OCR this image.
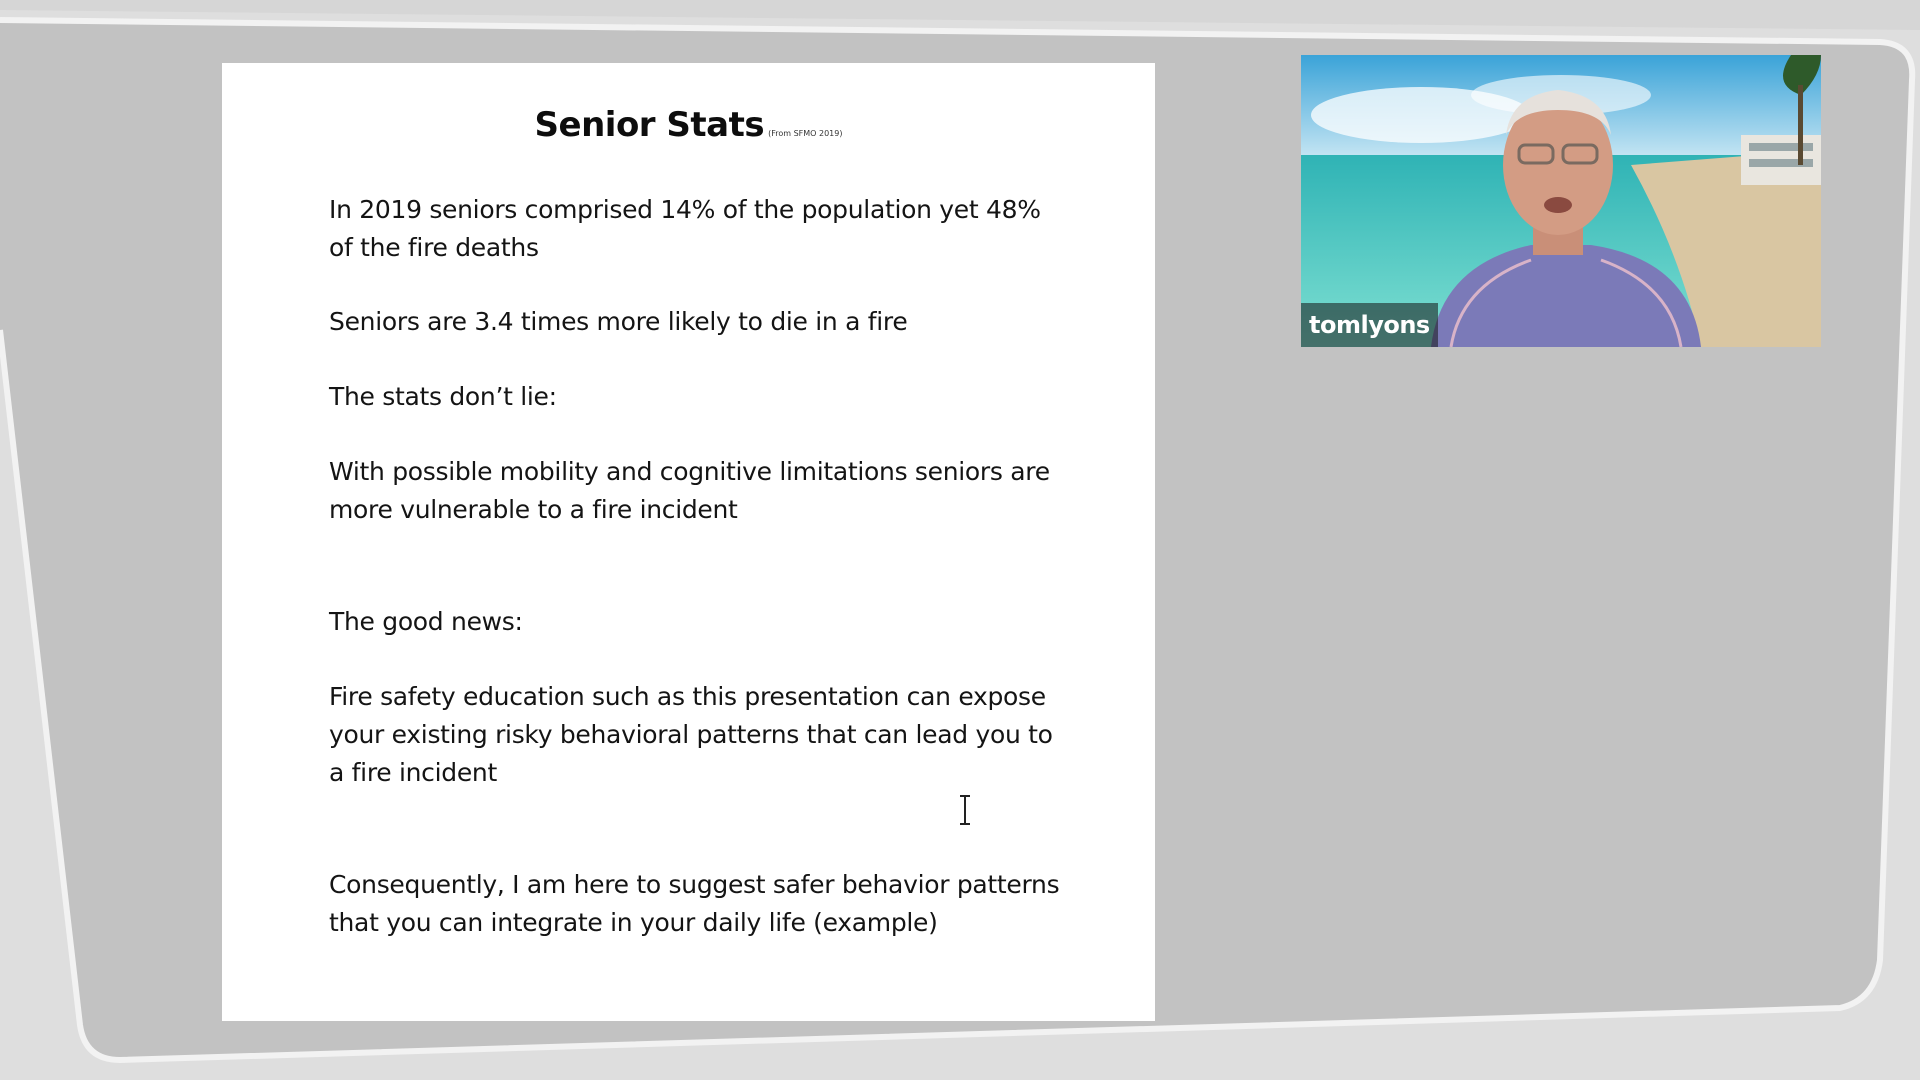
Senior Stats (From SFMO 2019)
In 2019 seniors comprised 14% of the population yet 48% of the fire deaths
Seniors are 3.4 times more likely to die in a fire
The stats don’t lie:
With possible mobility and cognitive limitations seniors are more vulnerable to a fire incident
The good news:
Fire safety education such as this presentation can expose your existing risky behavioral patterns that can lead you to a fire incident
Consequently, I am here to suggest safer behavior patterns that you can integrate in your daily life (example)
tomlyons
